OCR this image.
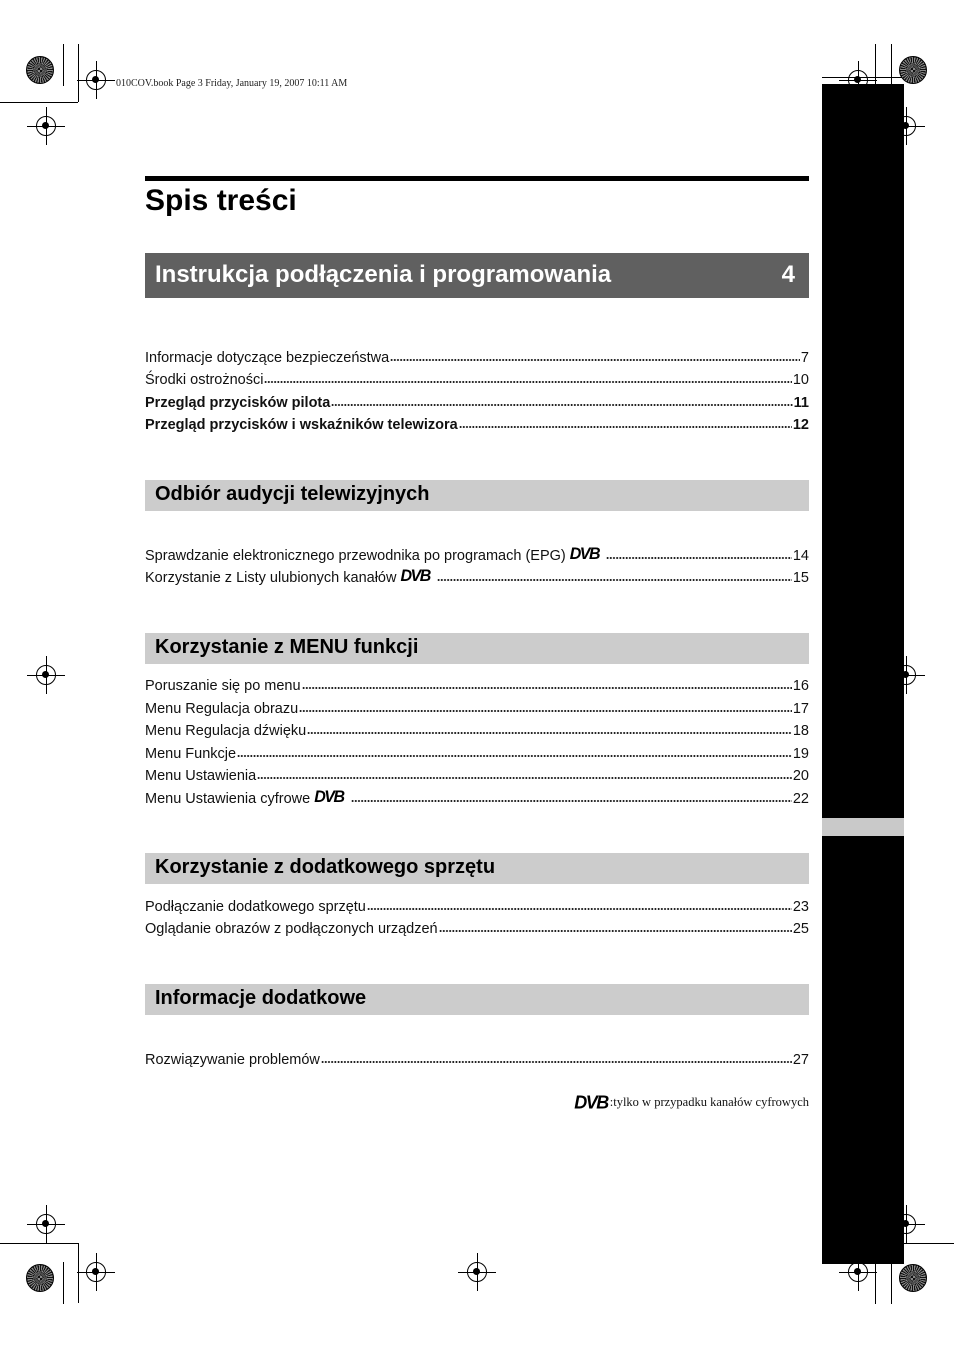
010COV.book Page 3 Friday, January 19, 2007 10:11 AM
Spis treści
Instrukcja podłączenia i programowania	4
Informacje dotyczące bezpieczeństwa	7
Środki ostrożności	10
Przegląd przycisków pilota	11
Przegląd przycisków i wskaźników telewizora	12
Odbiór audycji telewizyjnych
Sprawdzanie elektronicznego przewodnika po programach (EPG) DVB	14
Korzystanie z Listy ulubionych kanałów DVB	15
Korzystanie z MENU funkcji
Poruszanie się po menu	16
Menu Regulacja obrazu	17
Menu Regulacja dźwięku	18
Menu Funkcje	19
Menu Ustawienia	20
Menu Ustawienia cyfrowe DVB	22
Korzystanie z dodatkowego sprzętu
Podłączanie dodatkowego sprzętu	23
Oglądanie obrazów z podłączonych urządzeń	25
Informacje dodatkowe
Rozwiązywanie problemów	27
DVB :tylko w przypadku kanałów cyfrowych
